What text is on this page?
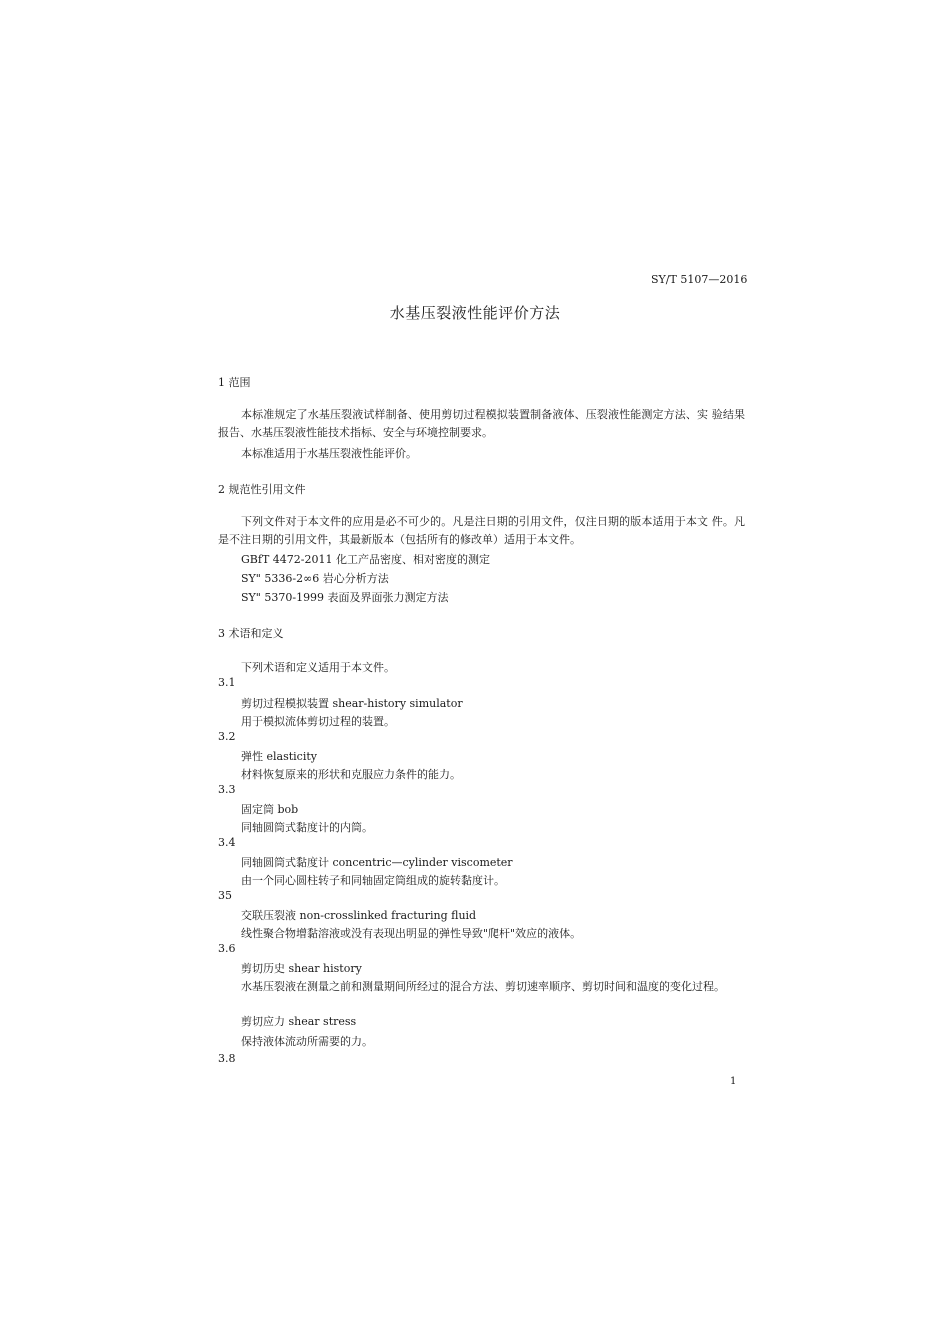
SY/T 5107—2016
水基压裂液性能评价方法
1 范围
本标准规定了水基压裂液试样制备、使用剪切过程模拟装置制备液体、压裂液性能测定方法、实 验结果报告、水基压裂液性能技术指标、安全与环境控制要求。
本标准适用于水基压裂液性能评价。
2 规范性引用文件
下列文件对于本文件的应用是必不可少的。凡是注日期的引用文件，仅注日期的版本适用于本文 件。凡是不注日期的引用文件，其最新版本（包括所有的修改单）适用于本文件。
GBfT 4472-2011 化工产品密度、相对密度的测定
SY" 5336-2∞6 岩心分析方法
SY" 5370-1999 表面及界面张力测定方法
3 术语和定义
下列术语和定义适用于本文件。
3.1
剪切过程模拟装置 shear-history simulator
用于模拟流体剪切过程的装置。
3.2
弹性 elasticity
材料恢复原来的形状和克服应力条件的能力。
3.3
固定筒 bob
同轴圆筒式黏度计的内筒。
3.4
同轴圆筒式黏度计 concentric—cylinder viscometer
由一个同心圆柱转子和同轴固定筒组成的旋转黏度计。
35
交联压裂液 non-crosslinked fracturing fluid
线性聚合物增黏溶液或没有表现出明显的弹性导致"爬杆"效应的液体。
3.6
剪切历史 shear history
水基压裂液在测量之前和测量期间所经过的混合方法、剪切速率顺序、剪切时间和温度的变化过程。
剪切应力 shear stress
保持液体流动所需要的力。
3.8
1
